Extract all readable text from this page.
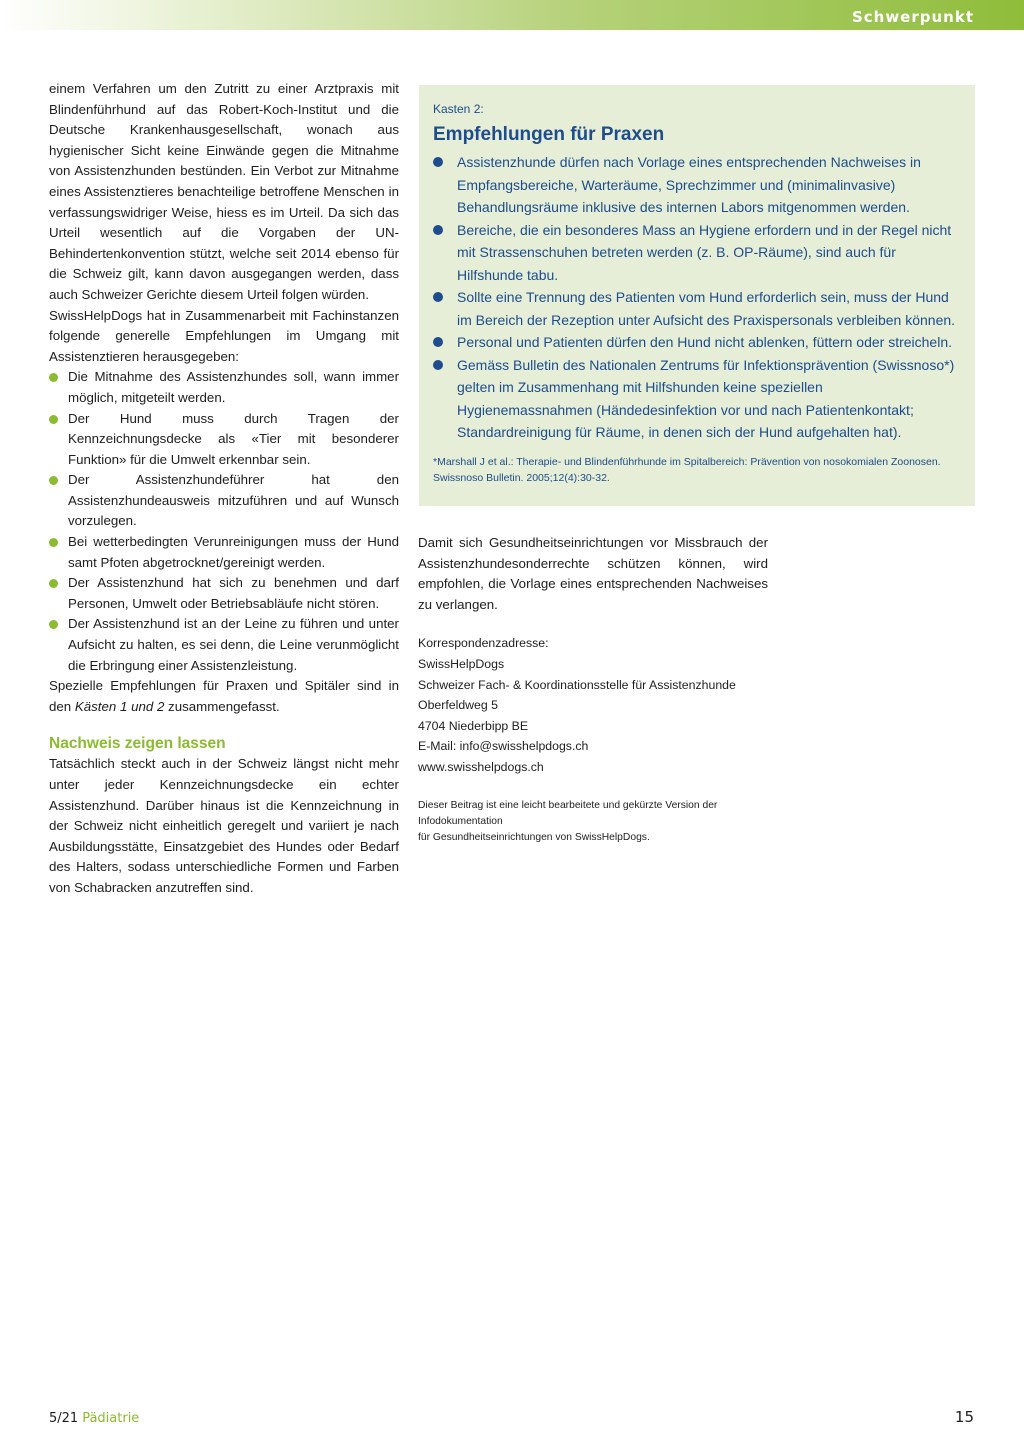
Schwerpunkt

einem Verfahren um den Zutritt zu einer Arztpraxis mit Blindenführhund auf das Robert-Koch-Institut und die Deutsche Krankenhausgesellschaft, wonach aus hygienischer Sicht keine Einwände gegen die Mitnahme von Assistenzhunden bestünden. Ein Verbot zur Mitnahme eines Assistenztieres benachteilige betroffene Menschen in verfassungswidriger Weise, hiess es im Urteil. Da sich das Urteil wesentlich auf die Vorgaben der UN-Behindertenkonvention stützt, welche seit 2014 ebenso für die Schweiz gilt, kann davon ausgegangen werden, dass auch Schweizer Gerichte diesem Urteil folgen würden.

SwissHelpDogs hat in Zusammenarbeit mit Fachinstanzen folgende generelle Empfehlungen im Umgang mit Assistenztieren herausgegeben:

Die Mitnahme des Assistenzhundes soll, wann immer möglich, mitgeteilt werden.
Der Hund muss durch Tragen der Kennzeichnungsdecke als «Tier mit besonderer Funktion» für die Umwelt erkennbar sein.
Der Assistenzhundeführer hat den Assistenzhundeausweis mitzuführen und auf Wunsch vorzulegen.
Bei wetterbedingten Verunreinigungen muss der Hund samt Pfoten abgetrocknet/gereinigt werden.
Der Assistenzhund hat sich zu benehmen und darf Personen, Umwelt oder Betriebsabläufe nicht stören.
Der Assistenzhund ist an der Leine zu führen und unter Aufsicht zu halten, es sei denn, die Leine verunmöglicht die Erbringung einer Assistenzleistung.

Spezielle Empfehlungen für Praxen und Spitäler sind in den Kästen 1 und 2 zusammengefasst.

Nachweis zeigen lassen

Tatsächlich steckt auch in der Schweiz längst nicht mehr unter jeder Kennzeichnungsdecke ein echter Assistenzhund. Darüber hinaus ist die Kennzeichnung in der Schweiz nicht einheitlich geregelt und variiert je nach Ausbildungsstätte, Einsatzgebiet des Hundes oder Bedarf des Halters, sodass unterschiedliche Formen und Farben von Schabracken anzutreffen sind.

Kasten 2:
Empfehlungen für Praxen
Assistenzhunde dürfen nach Vorlage eines entsprechenden Nachweises in Empfangsbereiche, Warteräume, Sprechzimmer und (minimalinvasive) Behandlungsräume inklusive des internen Labors mitgenommen werden.
Bereiche, die ein besonderes Mass an Hygiene erfordern und in der Regel nicht mit Strassenschuhen betreten werden (z. B. OP-Räume), sind auch für Hilfshunde tabu.
Sollte eine Trennung des Patienten vom Hund erforderlich sein, muss der Hund im Bereich der Rezeption unter Aufsicht des Praxispersonals verbleiben können.
Personal und Patienten dürfen den Hund nicht ablenken, füttern oder streicheln.
Gemäss Bulletin des Nationalen Zentrums für Infektionsprävention (Swissnoso*) gelten im Zusammenhang mit Hilfshunden keine speziellen Hygienemassnahmen (Händedesinfektion vor und nach Patientenkontakt; Standardreinigung für Räume, in denen sich der Hund aufgehalten hat).
*Marshall J et al.: Therapie- und Blindenführhunde im Spitalbereich: Prävention von nosokomialen Zoonosen. Swissnoso Bulletin. 2005;12(4):30-32.

Damit sich Gesundheitseinrichtungen vor Missbrauch der Assistenzhundesonderrechte schützen können, wird empfohlen, die Vorlage eines entsprechenden Nachweises zu verlangen.

Korrespondenzadresse:
SwissHelpDogs
Schweizer Fach- & Koordinationsstelle für Assistenzhunde
Oberfeldweg 5
4704 Niederbipp BE
E-Mail: info@swisshelpdogs.ch
www.swisshelpdogs.ch
Dieser Beitrag ist eine leicht bearbeitete und gekürzte Version der Infodokumentation
für Gesundheitseinrichtungen von SwissHelpDogs.
5/21 Pädiatrie	15
